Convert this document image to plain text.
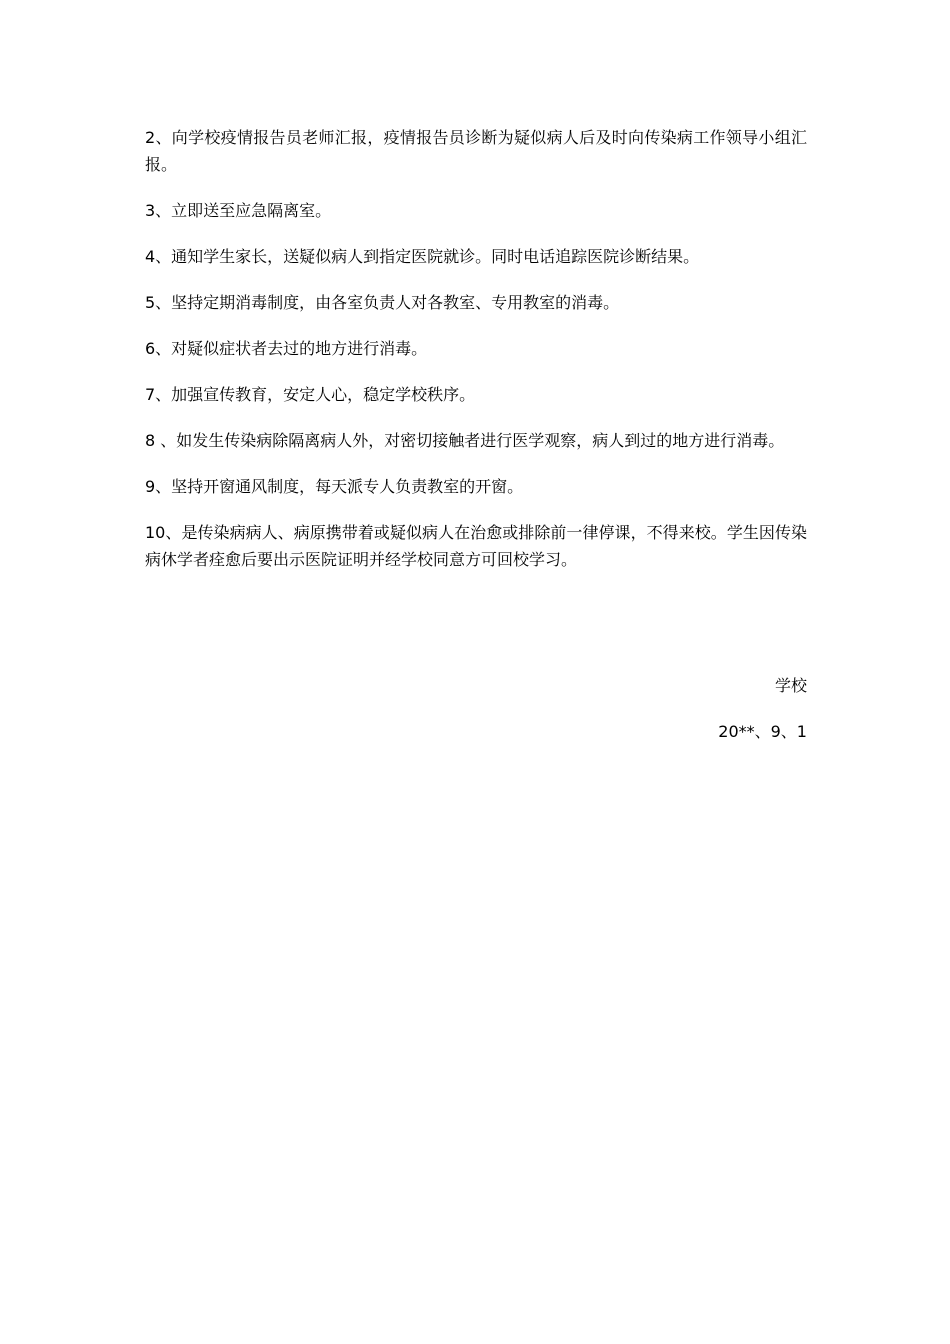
2、向学校疫情报告员老师汇报，疫情报告员诊断为疑似病人后及时向传染病工作领导小组汇报。

3、立即送至应急隔离室。

4、通知学生家长，送疑似病人到指定医院就诊。同时电话追踪医院诊断结果。

5、坚持定期消毒制度，由各室负责人对各教室、专用教室的消毒。

6、对疑似症状者去过的地方进行消毒。

7、加强宣传教育，安定人心，稳定学校秩序。

8 、如发生传染病除隔离病人外，对密切接触者进行医学观察，病人到过的地方进行消毒。

9、坚持开窗通风制度，每天派专人负责教室的开窗。

10、是传染病病人、病原携带着或疑似病人在治愈或排除前一律停课，不得来校。学生因传染病休学者痊愈后要出示医院证明并经学校同意方可回校学习。

学校
20**、9、1
